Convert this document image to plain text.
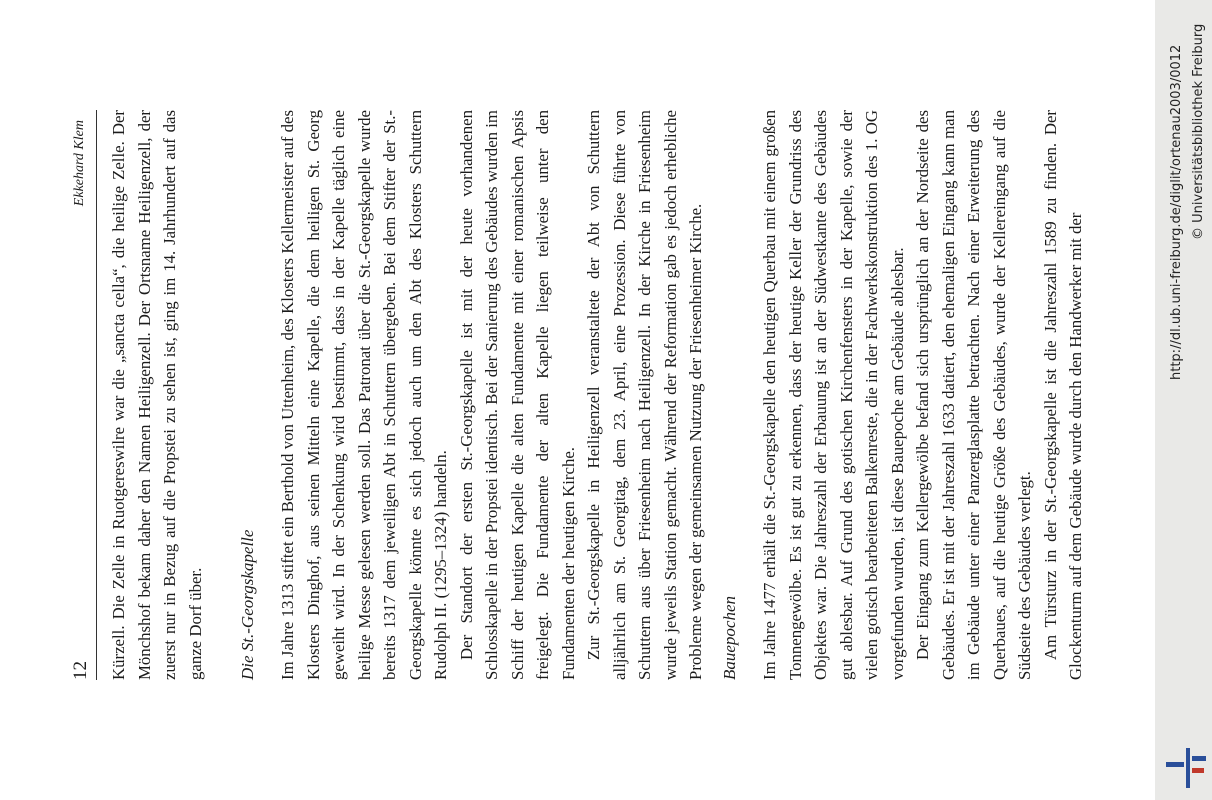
12
Ekkehard Klem Kürzell. Die Zelle in Ruotgereswilre war die „sancta cella“, die heilige Zelle. Der Mönchshof bekam daher den Namen Heiligenzell. Der Ortsname Heiligenzell, der zuerst nur in Bezug auf die Propstei zu sehen ist, ging im 14. Jahrhundert auf das ganze Dorf über. Die St.-Georgskapelle Im Jahre 1313 stiftet ein Berthold von Uttenheim, des Klosters Kellermeister auf des Klosters Dinghof, aus seinen Mitteln eine Kapelle, die dem heiligen St. Georg geweiht wird. In der Schenkung wird bestimmt, dass in der Kapelle täglich eine heilige Messe gelesen werden soll. Das Patronat über die St.-Georgskapelle wurde bereits 1317 dem jeweiligen Abt in Schuttern übergeben. Bei dem Stifter der St.-Georgskapelle könnte es sich jedoch auch um den Abt des Klosters Schuttern Rudolph II. (1295–1324) handeln. Der Standort der ersten St.-Georgskapelle ist mit der heute vorhandenen Schlosskapelle in der Propstei identisch. Bei der Sanierung des Gebäudes wurden im Schiff der heutigen Kapelle die alten Fundamente mit einer romanischen Apsis freigelegt. Die Fundamente der alten Kapelle liegen teilweise unter den Fundamenten der heutigen Kirche. Zur St.-Georgskapelle in Heiligenzell veranstaltete der Abt von Schuttern alljährlich am St. Georgitag, dem 23. April, eine Prozession. Diese führte von Schuttern aus über Friesenheim nach Heiligenzell. In der Kirche in Friesenheim wurde jeweils Station gemacht. Während der Reformation gab es jedoch erhebliche Probleme wegen der gemeinsamen Nutzung der Friesenheimer Kirche. Bauepochen Im Jahre 1477 erhält die St.-Georgskapelle den heutigen Querbau mit einem großen Tonnengewölbe. Es ist gut zu erkennen, dass der heutige Keller der Grundriss des Objektes war. Die Jahreszahl der Erbauung ist an der Südwestkante des Gebäudes gut ablesbar. Auf Grund des gotischen Kirchenfensters in der Kapelle, sowie der vielen gotisch bearbeiteten Balkenreste, die in der Fachwerkskonstruktion des 1. OG vorgefunden wurden, ist diese Bauepoche am Gebäude ablesbar. Der Eingang zum Kellergewölbe befand sich ursprünglich an der Nordseite des Gebäudes. Er ist mit der Jahreszahl 1633 datiert, den ehemaligen Eingang kann man im Gebäude unter einer Panzerglasplatte betrachten. Nach einer Erweiterung des Querbaues, auf die heutige Größe des Gebäudes, wurde der Kellereingang auf die Südseite des Gebäudes verlegt. Am Türsturz in der St.-Georgskapelle ist die Jahreszahl 1589 zu finden. Der Glockenturm auf dem Gebäude wurde durch den Handwerker mit der

http://dl.ub.uni-freiburg.de/diglit/ortenau2003/0012 © Universitätsbibliothek Freiburg
